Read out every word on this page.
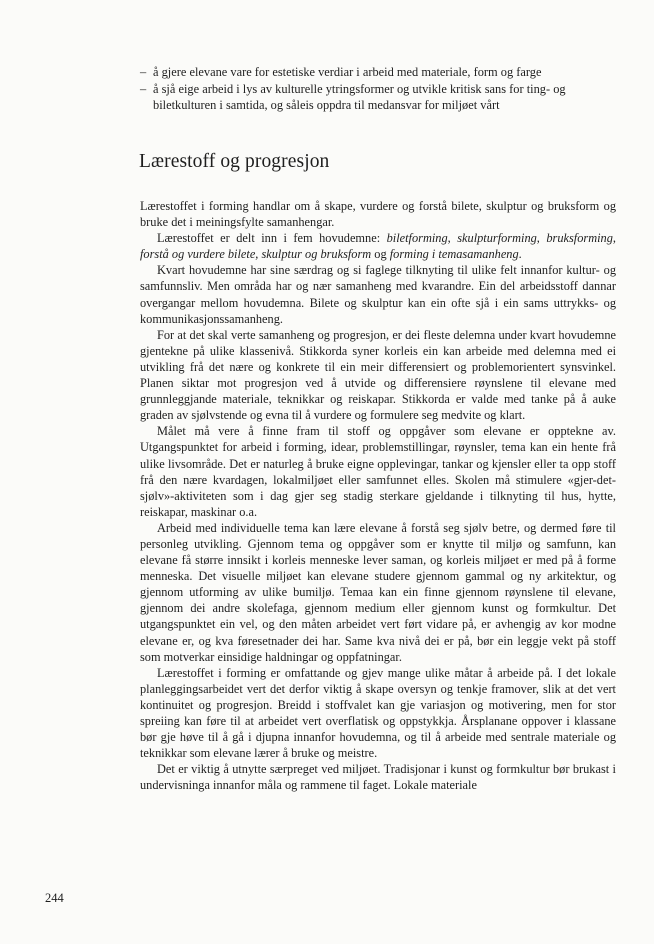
– å gjere elevane vare for estetiske verdiar i arbeid med materiale, form og farge
– å sjå eige arbeid i lys av kulturelle ytringsformer og utvikle kritisk sans for ting- og biletkulturen i samtida, og såleis oppdra til medansvar for miljøet vårt
Lærestoff og progresjon

Lærestoffet i forming handlar om å skape, vurdere og forstå bilete, skulptur og bruksform og bruke det i meiningsfylte samanhengar.

Lærestoffet er delt inn i fem hovudemne: biletforming, skulpturforming, bruksforming, forstå og vurdere bilete, skulptur og bruksform og forming i temasamanheng.

Kvart hovudemne har sine særdrag og si faglege tilknyting til ulike felt innanfor kultur- og samfunnsliv. Men områda har og nær samanheng med kvarandre. Ein del arbeidsstoff dannar overgangar mellom hovudemna. Bilete og skulptur kan ein ofte sjå i ein sams uttrykks- og kommunikasjonssamanheng.

For at det skal verte samanheng og progresjon, er dei fleste delemna under kvart hovudemne gjentekne på ulike klassenivå. Stikkorda syner korleis ein kan arbeide med delemna med ei utvikling frå det nære og konkrete til ein meir differensiert og problemorientert synsvinkel. Planen siktar mot progresjon ved å utvide og differensiere røynslene til elevane med grunnleggjande materiale, teknikkar og reiskapar. Stikkorda er valde med tanke på å auke graden av sjølvstende og evna til å vurdere og formulere seg medvite og klart.

Målet må vere å finne fram til stoff og oppgåver som elevane er opptekne av. Utgangspunktet for arbeid i forming, idear, problemstillingar, røynsler, tema kan ein hente frå ulike livsområde. Det er naturleg å bruke eigne opplevingar, tankar og kjensler eller ta opp stoff frå den nære kvardagen, lokalmiljøet eller samfunnet elles. Skolen må stimulere «gjer-det-sjølv»-aktiviteten som i dag gjer seg stadig sterkare gjeldande i tilknyting til hus, hytte, reiskapar, maskinar o.a.

Arbeid med individuelle tema kan lære elevane å forstå seg sjølv betre, og dermed føre til personleg utvikling. Gjennom tema og oppgåver som er knytte til miljø og samfunn, kan elevane få større innsikt i korleis menneske lever saman, og korleis miljøet er med på å forme menneska. Det visuelle miljøet kan elevane studere gjennom gammal og ny arkitektur, og gjennom utforming av ulike bumiljø. Temaa kan ein finne gjennom røynslene til elevane, gjennom dei andre skolefaga, gjennom medium eller gjennom kunst og formkultur. Det utgangspunktet ein vel, og den måten arbeidet vert ført vidare på, er avhengig av kor modne elevane er, og kva føresetnader dei har. Same kva nivå dei er på, bør ein leggje vekt på stoff som motverkar einsidige haldningar og oppfatningar.

Lærestoffet i forming er omfattande og gjev mange ulike måtar å arbeide på. I det lokale planleggingsarbeidet vert det derfor viktig å skape oversyn og tenkje framover, slik at det vert kontinuitet og progresjon. Breidd i stoffvalet kan gje variasjon og motivering, men for stor spreiing kan føre til at arbeidet vert overflatisk og oppstykkja. Årsplanane oppover i klassane bør gje høve til å gå i djupna innanfor hovudemna, og til å arbeide med sentrale materiale og teknikkar som elevane lærer å bruke og meistre.

Det er viktig å utnytte særpreget ved miljøet. Tradisjonar i kunst og formkultur bør brukast i undervisninga innanfor måla og rammene til faget. Lokale materiale

244
